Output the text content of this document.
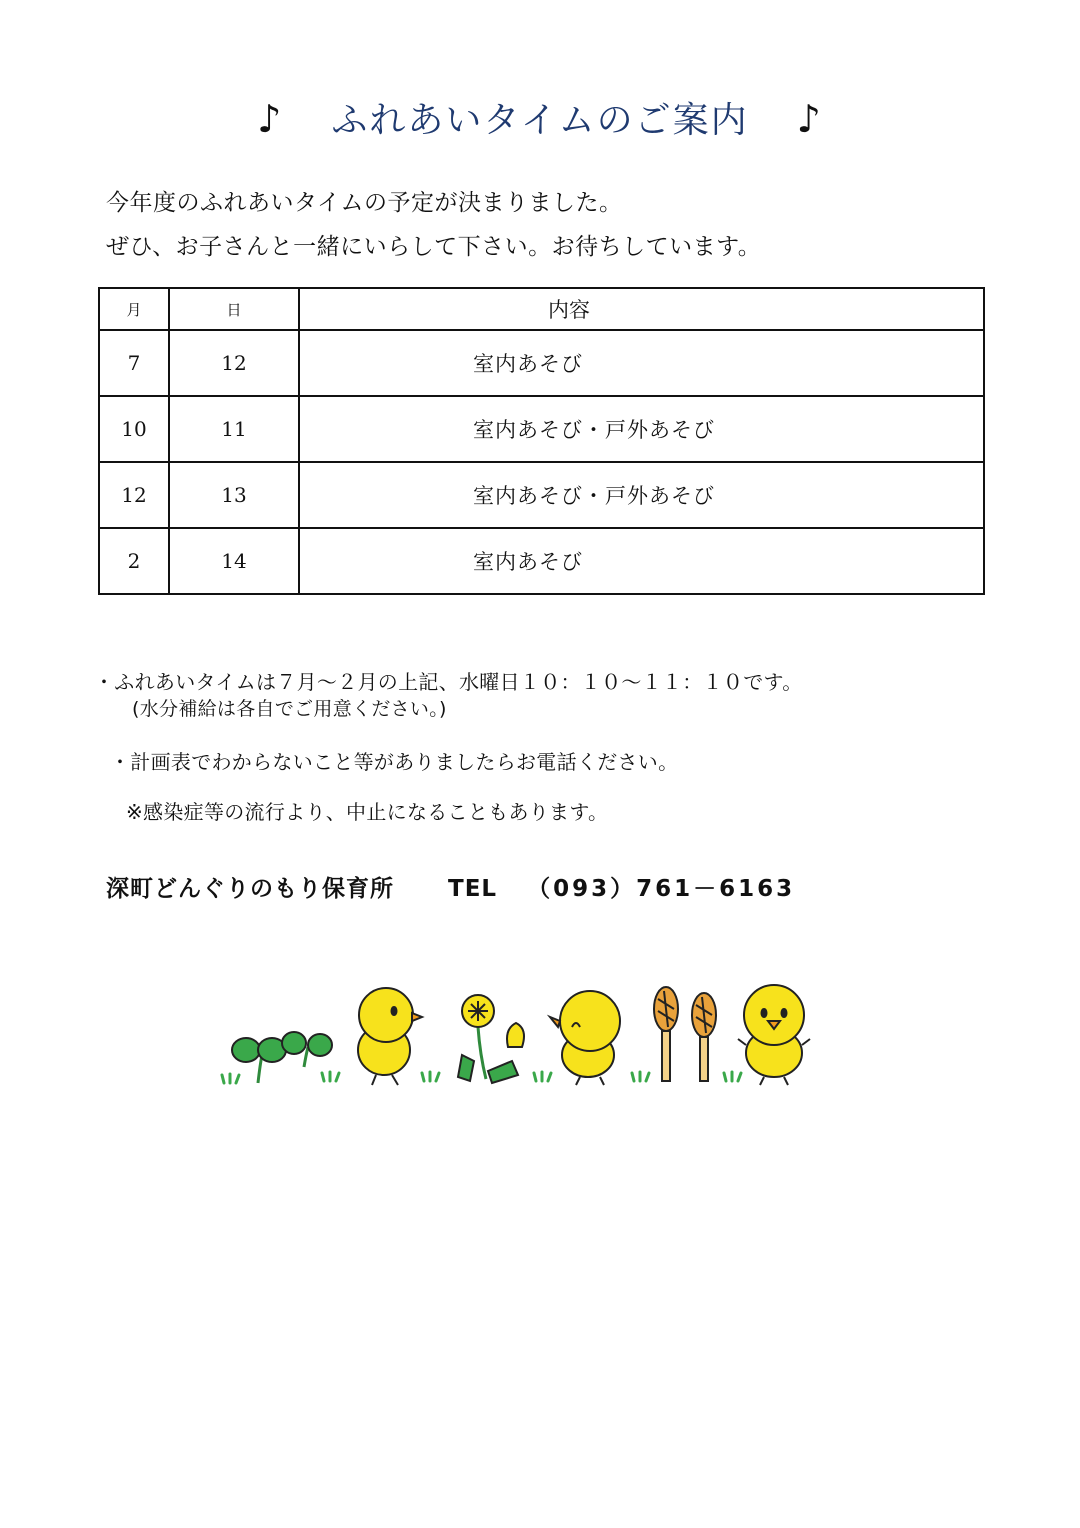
♪ ふれあいタイムのご案内 ♪
今年度のふれあいタイムの予定が決まりました。
ぜひ、お子さんと一緒にいらして下さい。お待ちしています。
月	日	内容
7	12	室内あそび
10	11	室内あそび・戸外あそび
12	13	室内あそび・戸外あそび
2	14	室内あそび
・ふれあいタイムは７月～２月の上記、水曜日１０：１０～１１：１０です。
(水分補給は各自でご用意ください。)
・計画表でわからないこと等がありましたらお電話ください。
※感染症等の流行より、中止になることもあります。
深町どんぐりのもり保育所 TEL （093）761－6163
